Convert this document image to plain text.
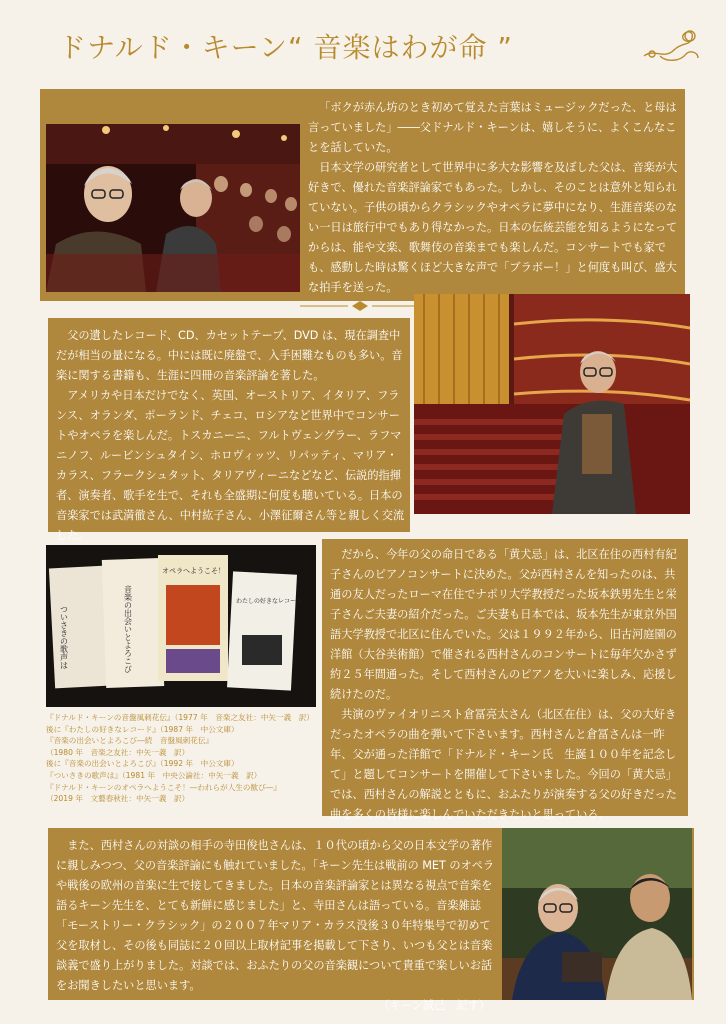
ドナルド・キーン“ 音楽はわが命 ”

「ボクが赤ん坊のとき初めて覚えた言葉はミュージックだった、と母は言っていました」――父ドナルド・キーンは、嬉しそうに、よくこんなことを話していた。

日本文学の研究者として世界中に多大な影響を及ぼした父は、音楽が大好きで、優れた音楽評論家でもあった。しかし、そのことは意外と知られていない。子供の頃からクラシックやオペラに夢中になり、生涯音楽のない一日は旅行中でもあり得なかった。日本の伝統芸能を知るようになってからは、能や文楽、歌舞伎の音楽までも楽しんだ。コンサートでも家でも、感動した時は驚くほど大きな声で「ブラボー！」と何度も叫び、盛大な拍手を送った。

父の遺したレコード、CD、カセットテープ、DVD は、現在調査中だが相当の量になる。中には既に廃盤で、入手困難なものも多い。音楽に関する書籍も、生涯に四冊の音楽評論を著した。

アメリカや日本だけでなく、英国、オーストリア、イタリア、フランス、オランダ、ポーランド、チェコ、ロシアなど世界中でコンサートやオペラを楽しんだ。トスカニーニ、フルトヴェングラー、ラフマニノフ、ルービンシュタイン、ホロヴィッツ、リパッティ、マリア・カラス、フラークシュタット、タリアヴィーニなどなど、伝説的指揮者、演奏者、歌手を生で、それも全盛期に何度も聴いている。日本の音楽家では武満徹さん、中村紘子さん、小澤征爾さん等と親しく交流した。

ついさきの歌声は	音楽の出会いとよろこび
オペラへようこそ！
わたしの好きなレコード
『ドナルド・キーンの音盤風刺花伝』（1977 年　音楽之友社：中矢一義　訳）
後に『わたしの好きなレコード』（1987 年　中公文庫）
『音楽の出会いとよろこび―続　音盤風刺花伝』
（1980 年　音楽之友社：中矢一義　訳）
後に『音楽の出会いとよろこび』（1992 年　中公文庫）
『ついさきの歌声は』（1981 年　中央公論社：中矢一義　訳）
『ドナルド・キーンのオペラへようこそ！―われらが人生の歓び―』
（2019 年　文藝春秋社：中矢一義　訳）

だから、今年の父の命日である「黄犬忌」は、北区在住の西村有紀子さんのピアノコンサートに決めた。父が西村さんを知ったのは、共通の友人だったローマ在住でナポリ大学教授だった坂本鉄男先生と栄子さんご夫妻の紹介だった。ご夫妻も日本では、坂本先生が東京外国語大学教授で北区に住んでいた。父は１９９２年から、旧古河庭園の洋館（大谷美術館）で催される西村さんのコンサートに毎年欠かさず約２５年間通った。そして西村さんのピアノを大いに楽しみ、応援し続けたのだ。

共演のヴァイオリニスト倉冨亮太さん（北区在住）は、父の大好きだったオペラの曲を弾いて下さいます。西村さんと倉冨さんは一昨年、父が通った洋館で「ドナルド・キーン氏　生誕１００年を記念して」と題してコンサートを開催して下さいました。今回の「黄犬忌」では、西村さんの解説とともに、おふたりが演奏する父の好きだった曲を多くの皆様に楽しんでいただきたいと思っている。

また、西村さんの対談の相手の寺田俊也さんは、１０代の頃から父の日本文学の著作に親しみつつ、父の音楽評論にも触れていました。「キーン先生は戦前の MET のオペラや戦後の欧州の音楽に生で接してきました。日本の音楽評論家とは異なる視点で音楽を語るキーン先生を、とても新鮮に感じました」と、寺田さんは語っている。音楽雑誌「モーストリー・クラシック」の２００７年マリア・カラス没後３０年特集号で初めて父を取材し、その後も同誌に２０回以上取材記事を掲載して下さり、いつも父とは音楽談義で盛り上がりました。対談では、おふたりの父の音楽観について貴重で楽しいお話をお聞きしたいと思います。

（キーン誠己　記す）
